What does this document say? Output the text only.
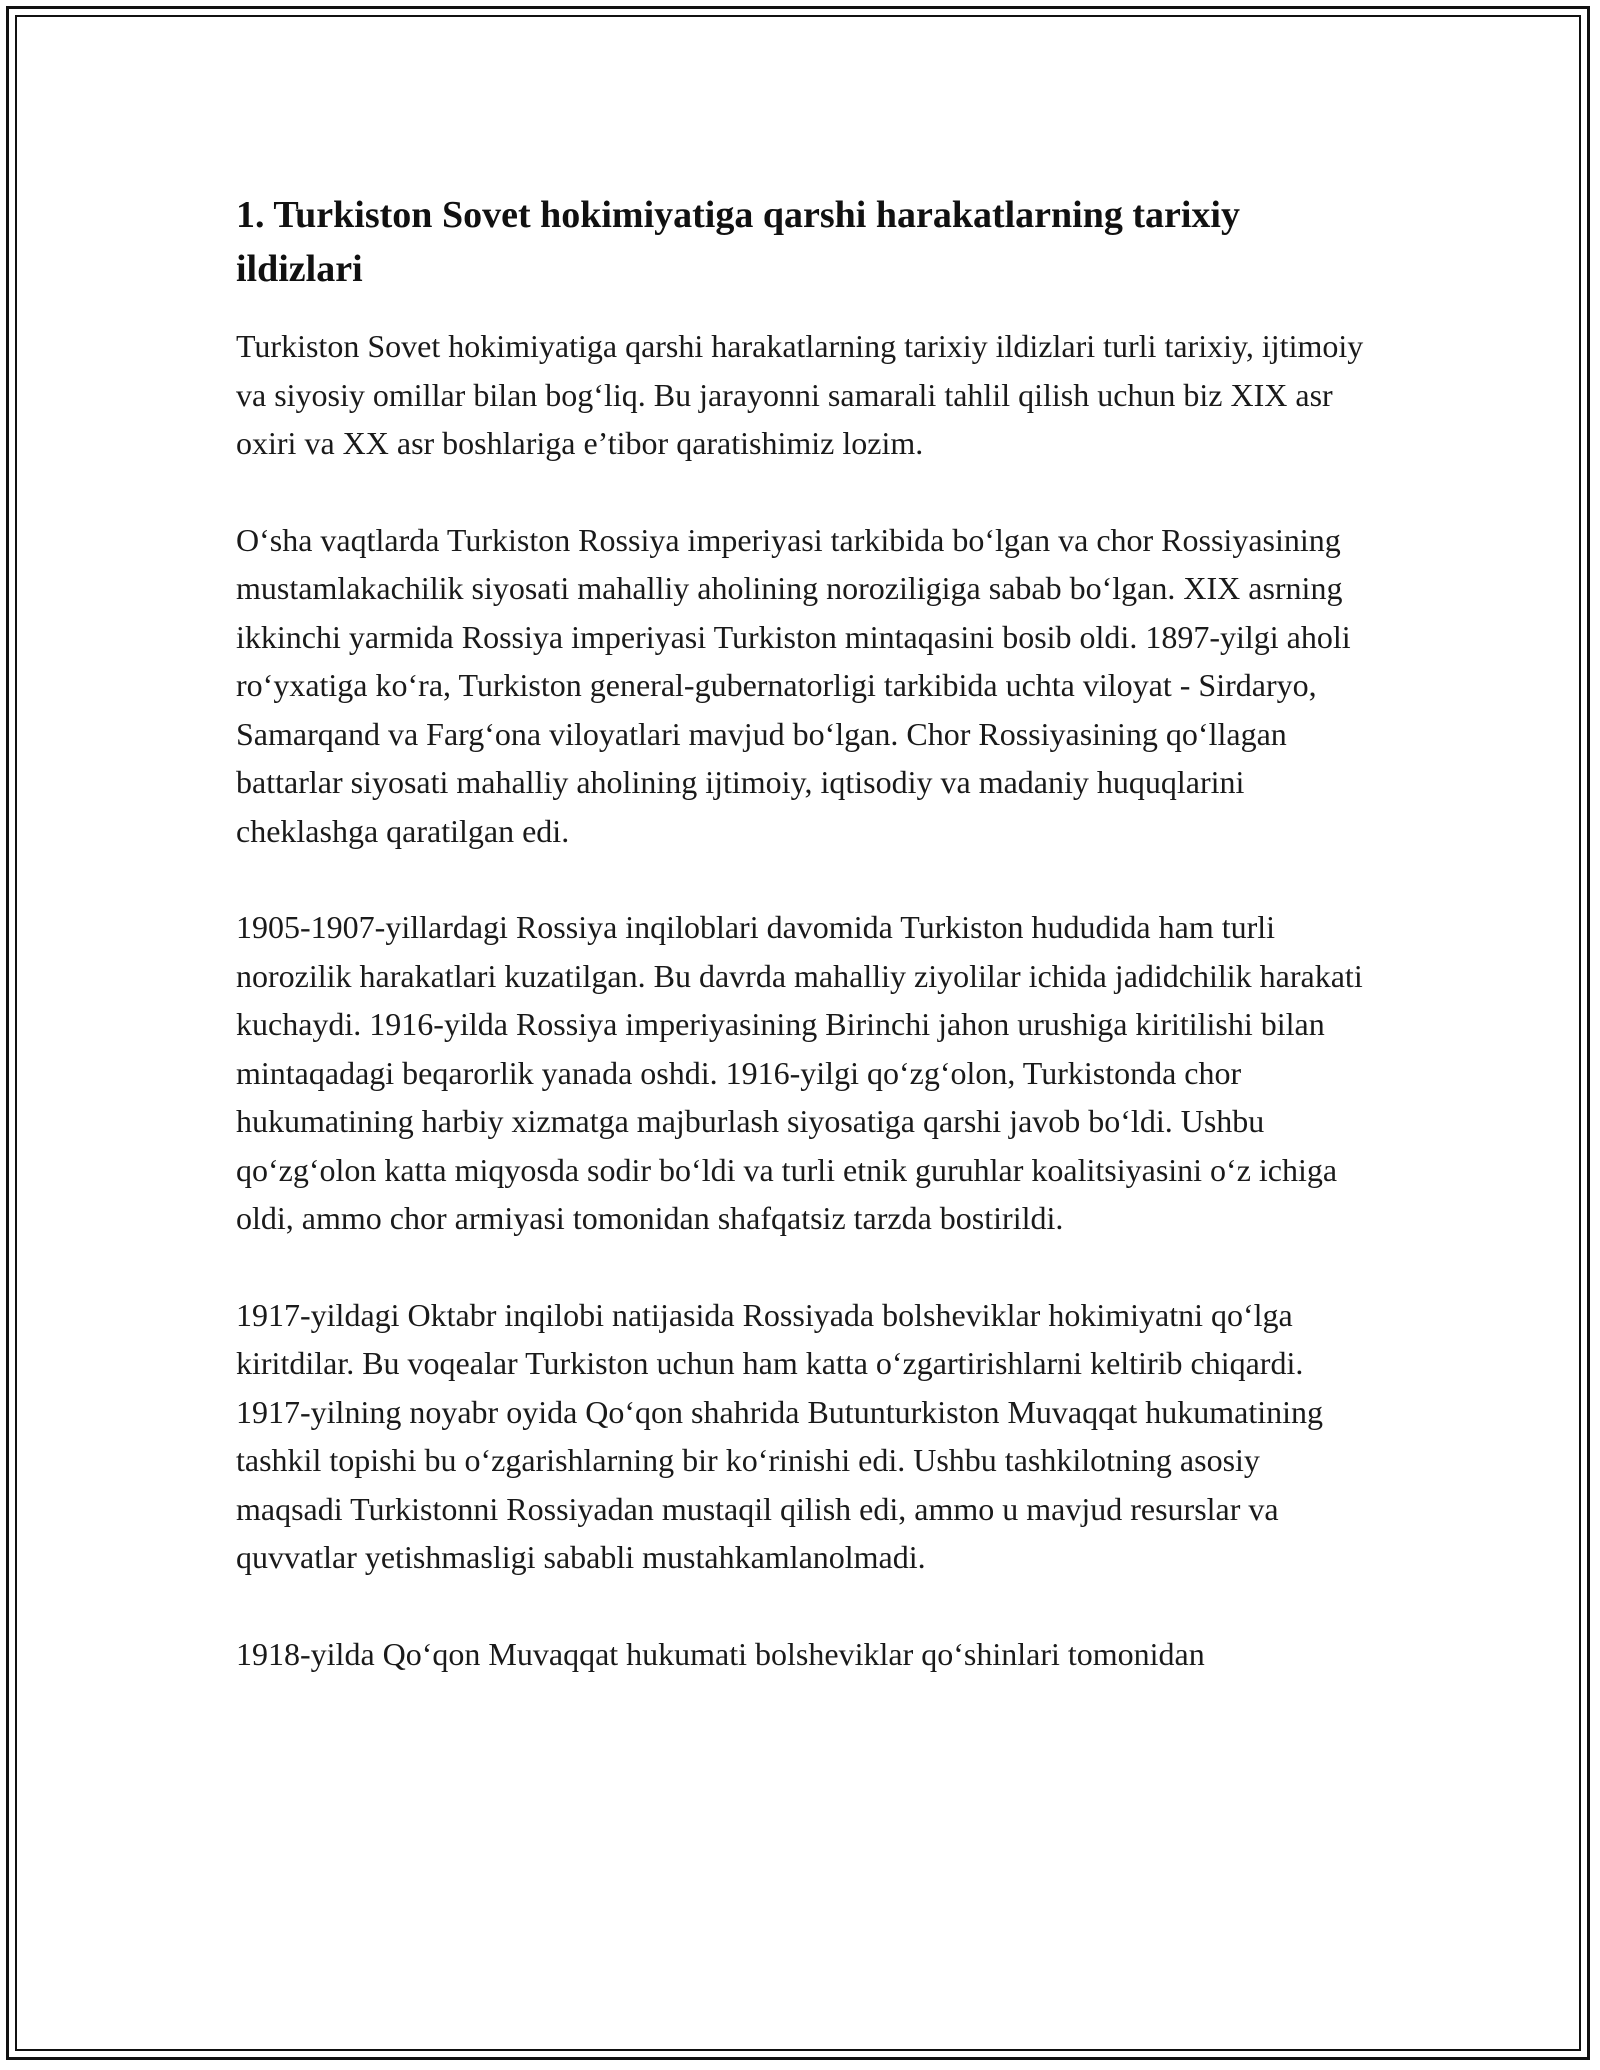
1. Turkiston Sovet hokimiyatiga qarshi harakatlarning tarixiy ildizlari

Turkiston Sovet hokimiyatiga qarshi harakatlarning tarixiy ildizlari turli tarixiy, ijtimoiy va siyosiy omillar bilan bog‘liq. Bu jarayonni samarali tahlil qilish uchun biz XIX asr oxiri va XX asr boshlariga e’tibor qaratishimiz lozim.

O‘sha vaqtlarda Turkiston Rossiya imperiyasi tarkibida bo‘lgan va chor Rossiyasining mustamlakachilik siyosati mahalliy aholining noroziligiga sabab bo‘lgan. XIX asrning ikkinchi yarmida Rossiya imperiyasi Turkiston mintaqasini bosib oldi. 1897-yilgi aholi ro‘yxatiga ko‘ra, Turkiston general-gubernatorligi tarkibida uchta viloyat - Sirdaryo, Samarqand va Farg‘ona viloyatlari mavjud bo‘lgan. Chor Rossiyasining qo‘llagan battarlar siyosati mahalliy aholining ijtimoiy, iqtisodiy va madaniy huquqlarini cheklashga qaratilgan edi.

1905-1907-yillardagi Rossiya inqiloblari davomida Turkiston hududida ham turli norozilik harakatlari kuzatilgan. Bu davrda mahalliy ziyolilar ichida jadidchilik harakati kuchaydi. 1916-yilda Rossiya imperiyasining Birinchi jahon urushiga kiritilishi bilan mintaqadagi beqarorlik yanada oshdi. 1916-yilgi qo‘zg‘olon, Turkistonda chor hukumatining harbiy xizmatga majburlash siyosatiga qarshi javob bo‘ldi. Ushbu qo‘zg‘olon katta miqyosda sodir bo‘ldi va turli etnik guruhlar koalitsiyasini o‘z ichiga oldi, ammo chor armiyasi tomonidan shafqatsiz tarzda bostirildi.

1917-yildagi Oktabr inqilobi natijasida Rossiyada bolsheviklar hokimiyatni qo‘lga kiritdilar. Bu voqealar Turkiston uchun ham katta o‘zgartirishlarni keltirib chiqardi. 1917-yilning noyabr oyida Qo‘qon shahrida Butunturkiston Muvaqqat hukumatining tashkil topishi bu o‘zgarishlarning bir ko‘rinishi edi. Ushbu tashkilotning asosiy maqsadi Turkistonni Rossiyadan mustaqil qilish edi, ammo u mavjud resurslar va quvvatlar yetishmasligi sababli mustahkamlanolmadi.

1918-yilda Qo‘qon Muvaqqat hukumati bolsheviklar qo‘shinlari tomonidan
